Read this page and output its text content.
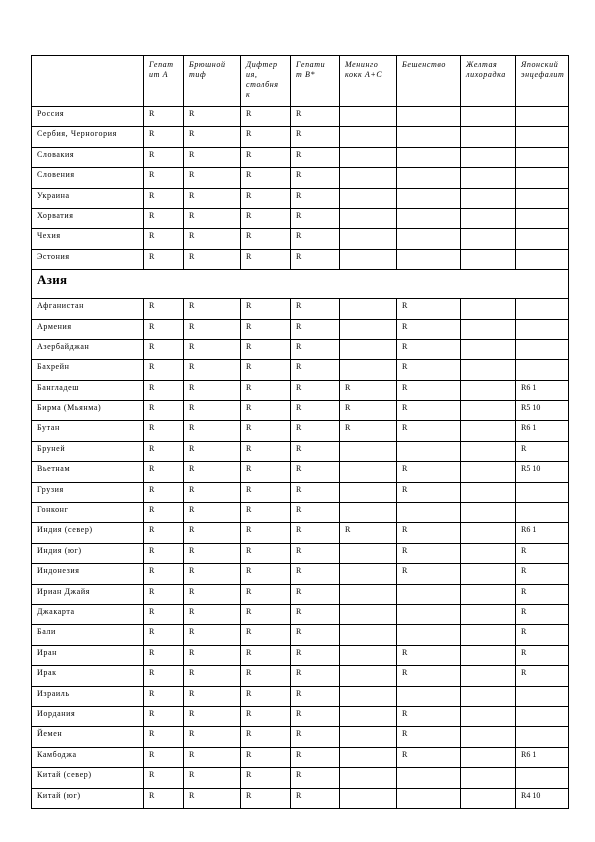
	Гепат ит А	Брюшной тиф	Дифтер ия, столбня к	Гепати т В*	Менинго кокк А+С	Бешенство	Желтая лихорадка	Японский энцефалит
Россия	R	R	R	R				
Сербия, Черногория	R	R	R	R				
Словакия	R	R	R	R				
Словения	R	R	R	R				
Украина	R	R	R	R				
Хорватия	R	R	R	R				
Чехия	R	R	R	R				
Эстония	R	R	R	R				
Азия								
Афганистан	R	R	R	R		R		
Армения	R	R	R	R		R		
Азербайджан	R	R	R	R		R		
Бахрейн	R	R	R	R		R		
Бангладеш	R	R	R	R	R	R		R6 1
Бирма (Мьянма)	R	R	R	R	R	R		R5 10
Бутан	R	R	R	R	R	R		R6 1
Бруней	R	R	R	R				R
Вьетнам	R	R	R	R		R		R5 10
Грузия	R	R	R	R		R		
Гонконг	R	R	R	R				
Индия (север)	R	R	R	R	R	R		R6 1
Индия (юг)	R	R	R	R		R		R
Индонезия	R	R	R	R		R		R
Ириан Джайя	R	R	R	R				R
Джакарта	R	R	R	R				R
Бали	R	R	R	R				R
Иран	R	R	R	R		R		R
Ирак	R	R	R	R		R		R
Израиль	R	R	R	R				
Иордания	R	R	R	R		R		
Йемен	R	R	R	R		R		
Камбоджа	R	R	R	R		R		R6 1
Китай (север)	R	R	R	R				
Китай (юг)	R	R	R	R				R4 10
